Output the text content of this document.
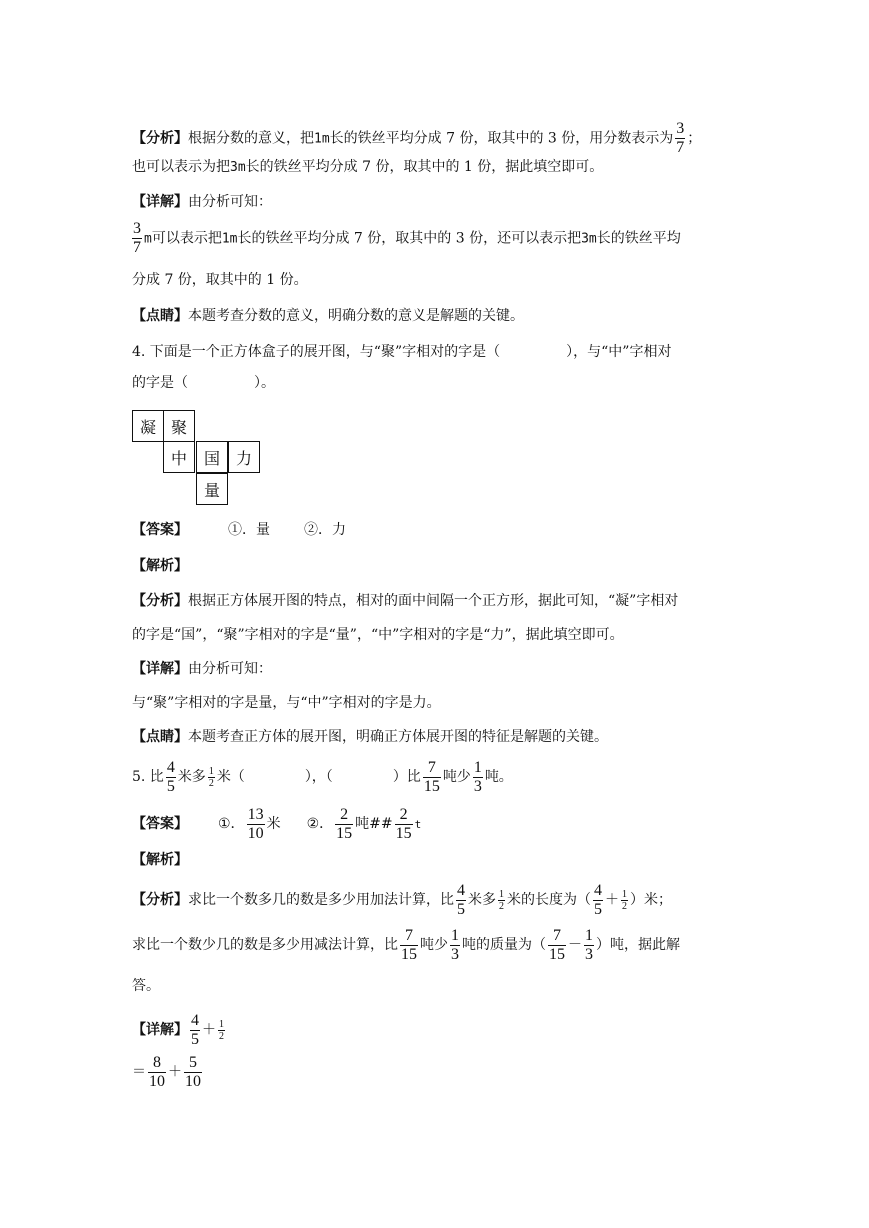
【分析】根据分数的意义，把1m长的铁丝平均分成 7 份，取其中的 3 份，用分数表示为 $\frac{3}{7}$ ；
也可以表示为把3m长的铁丝平均分成 7 份，取其中的 1 份，据此填空即可。
【详解】由分析可知：
$\frac{3}{7}$ m可以表示把1m长的铁丝平均分成 7 份，取其中的 3 份，还可以表示把3m长的铁丝平均
分成 7 份，取其中的 1 份。
【点睛】本题考查分数的意义，明确分数的意义是解题的关键。
4. 下面是一个正方体盒子的展开图，与“聚”字相对的字是（	），与“中”字相对
的字是（	）。
凝 聚
中	国 力
量
【答案】	①．量 ②．力
【解析】
【分析】根据正方体展开图的特点，相对的面中间隔一个正方形，据此可知，“凝”字相对
的字是“国”，“聚”字相对的字是“量”，“中”字相对的字是“力”，据此填空即可。
【详解】由分析可知：
与“聚”字相对的字是量，与“中”字相对的字是力。
【点睛】本题考查正方体的展开图，明确正方体展开图的特征是解题的关键。
5. 比 $\frac{4}{5}$ 米多 $\frac{1}{2}$ 米（	），（	）比 $\frac{7}{15}$ 吨少 $\frac{1}{3}$ 吨。
【答案】 ①． $\frac{13}{10}$ 米 ②． $\frac{2}{15}$ 吨## $\frac{2}{15}$ t
【解析】
【分析】求比一个数多几的数是多少用加法计算，比 $\frac{4}{5}$ 米多 $\frac{1}{2}$ 米的长度为（ $\frac{4}{5} + \frac{1}{2}$ ）米；
求比一个数少几的数是多少用减法计算，比 $\frac{7}{15}$ 吨少 $\frac{1}{3}$ 吨的质量为（ $\frac{7}{15} - \frac{1}{3}$ ）吨，据此解
答。
【详解】 $\frac{4}{5} + \frac{1}{2}$
＝ $\frac{8}{10} + \frac{5}{10}$
